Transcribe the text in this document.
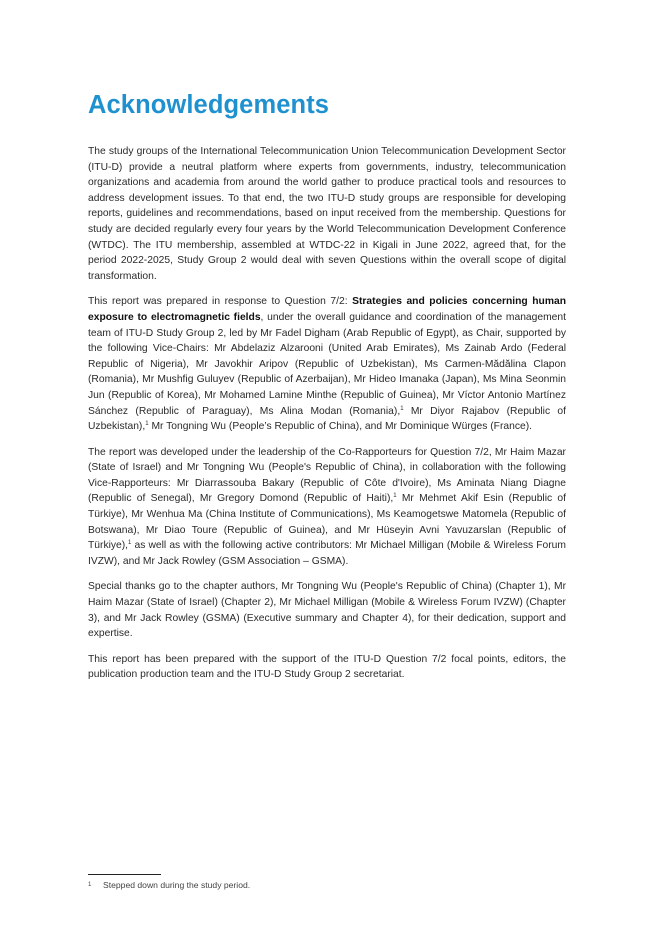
Acknowledgements

The study groups of the International Telecommunication Union Telecommunication Development Sector (ITU-D) provide a neutral platform where experts from governments, industry, telecommunication organizations and academia from around the world gather to produce practical tools and resources to address development issues. To that end, the two ITU-D study groups are responsible for developing reports, guidelines and recommendations, based on input received from the membership. Questions for study are decided regularly every four years by the World Telecommunication Development Conference (WTDC). The ITU membership, assembled at WTDC-22 in Kigali in June 2022, agreed that, for the period 2022-2025, Study Group 2 would deal with seven Questions within the overall scope of digital transformation.

This report was prepared in response to Question 7/2: Strategies and policies concerning human exposure to electromagnetic fields, under the overall guidance and coordination of the management team of ITU-D Study Group 2, led by Mr Fadel Digham (Arab Republic of Egypt), as Chair, supported by the following Vice-Chairs: Mr Abdelaziz Alzarooni (United Arab Emirates), Ms Zainab Ardo (Federal Republic of Nigeria), Mr Javokhir Aripov (Republic of Uzbekistan), Ms Carmen-Mădălina Clapon (Romania), Mr Mushfig Guluyev (Republic of Azerbaijan), Mr Hideo Imanaka (Japan), Ms Mina Seonmin Jun (Republic of Korea), Mr Mohamed Lamine Minthe (Republic of Guinea), Mr Víctor Antonio Martínez Sánchez (Republic of Paraguay), Ms Alina Modan (Romania),$^1$ Mr Diyor Rajabov (Republic of Uzbekistan),$^1$ Mr Tongning Wu (People’s Republic of China), and Mr Dominique Würges (France).

The report was developed under the leadership of the Co-Rapporteurs for Question 7/2, Mr Haim Mazar (State of Israel) and Mr Tongning Wu (People's Republic of China), in collaboration with the following Vice-Rapporteurs: Mr Diarrassouba Bakary (Republic of Côte d'Ivoire), Ms Aminata Niang Diagne (Republic of Senegal), Mr Gregory Domond (Republic of Haiti),$^1$ Mr Mehmet Akif Esin (Republic of Türkiye), Mr Wenhua Ma (China Institute of Communications), Ms Keamogetswe Matomela (Republic of Botswana), Mr Diao Toure (Republic of Guinea), and Mr Hüseyin Avni Yavuzarslan (Republic of Türkiye),$^1$ as well as with the following active contributors: Mr Michael Milligan (Mobile & Wireless Forum IVZW), and Mr Jack Rowley (GSM Association – GSMA).

Special thanks go to the chapter authors, Mr Tongning Wu (People's Republic of China) (Chapter 1), Mr Haim Mazar (State of Israel) (Chapter 2), Mr Michael Milligan (Mobile & Wireless Forum IVZW) (Chapter 3), and Mr Jack Rowley (GSMA) (Executive summary and Chapter 4), for their dedication, support and expertise.

This report has been prepared with the support of the ITU-D Question 7/2 focal points, editors, the publication production team and the ITU-D Study Group 2 secretariat.

1 Stepped down during the study period.
